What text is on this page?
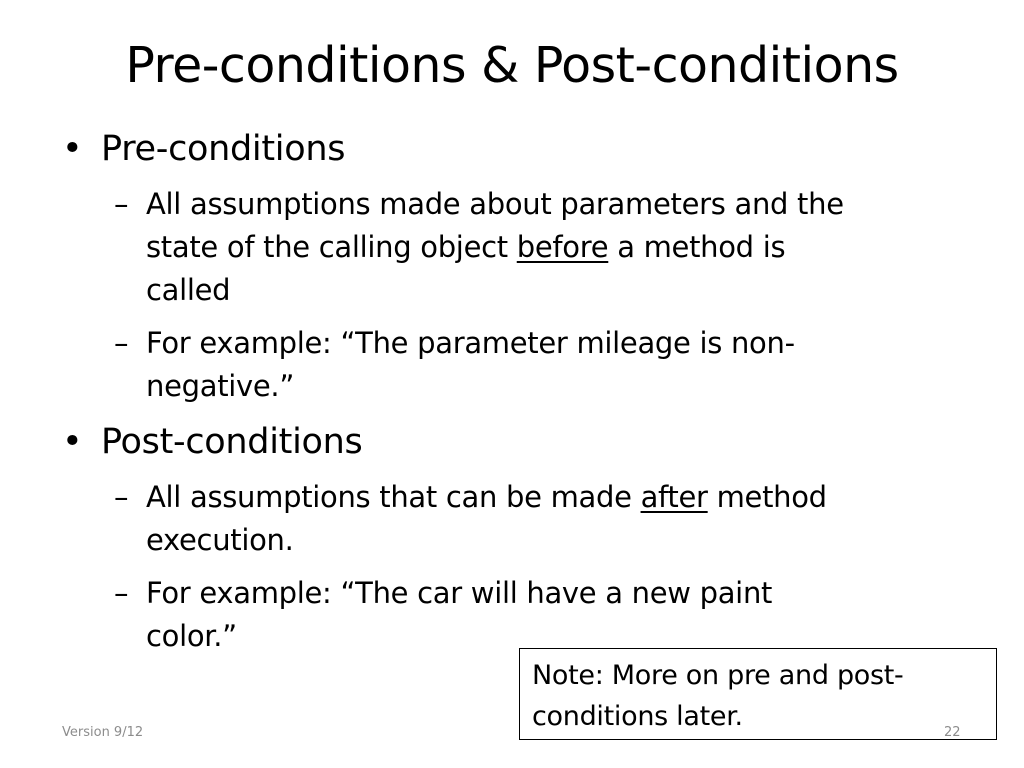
Pre-conditions & Post-conditions
• Pre-conditions
– All assumptions made about parameters and the
state of the calling object before a method is
called
– For example: “The parameter mileage is non-
negative.”
• Post-conditions
– All assumptions that can be made after method
execution.
– For example: “The car will have a new paint
color.”
Note: More on pre and post-
conditions later.
Version 9/12	22
